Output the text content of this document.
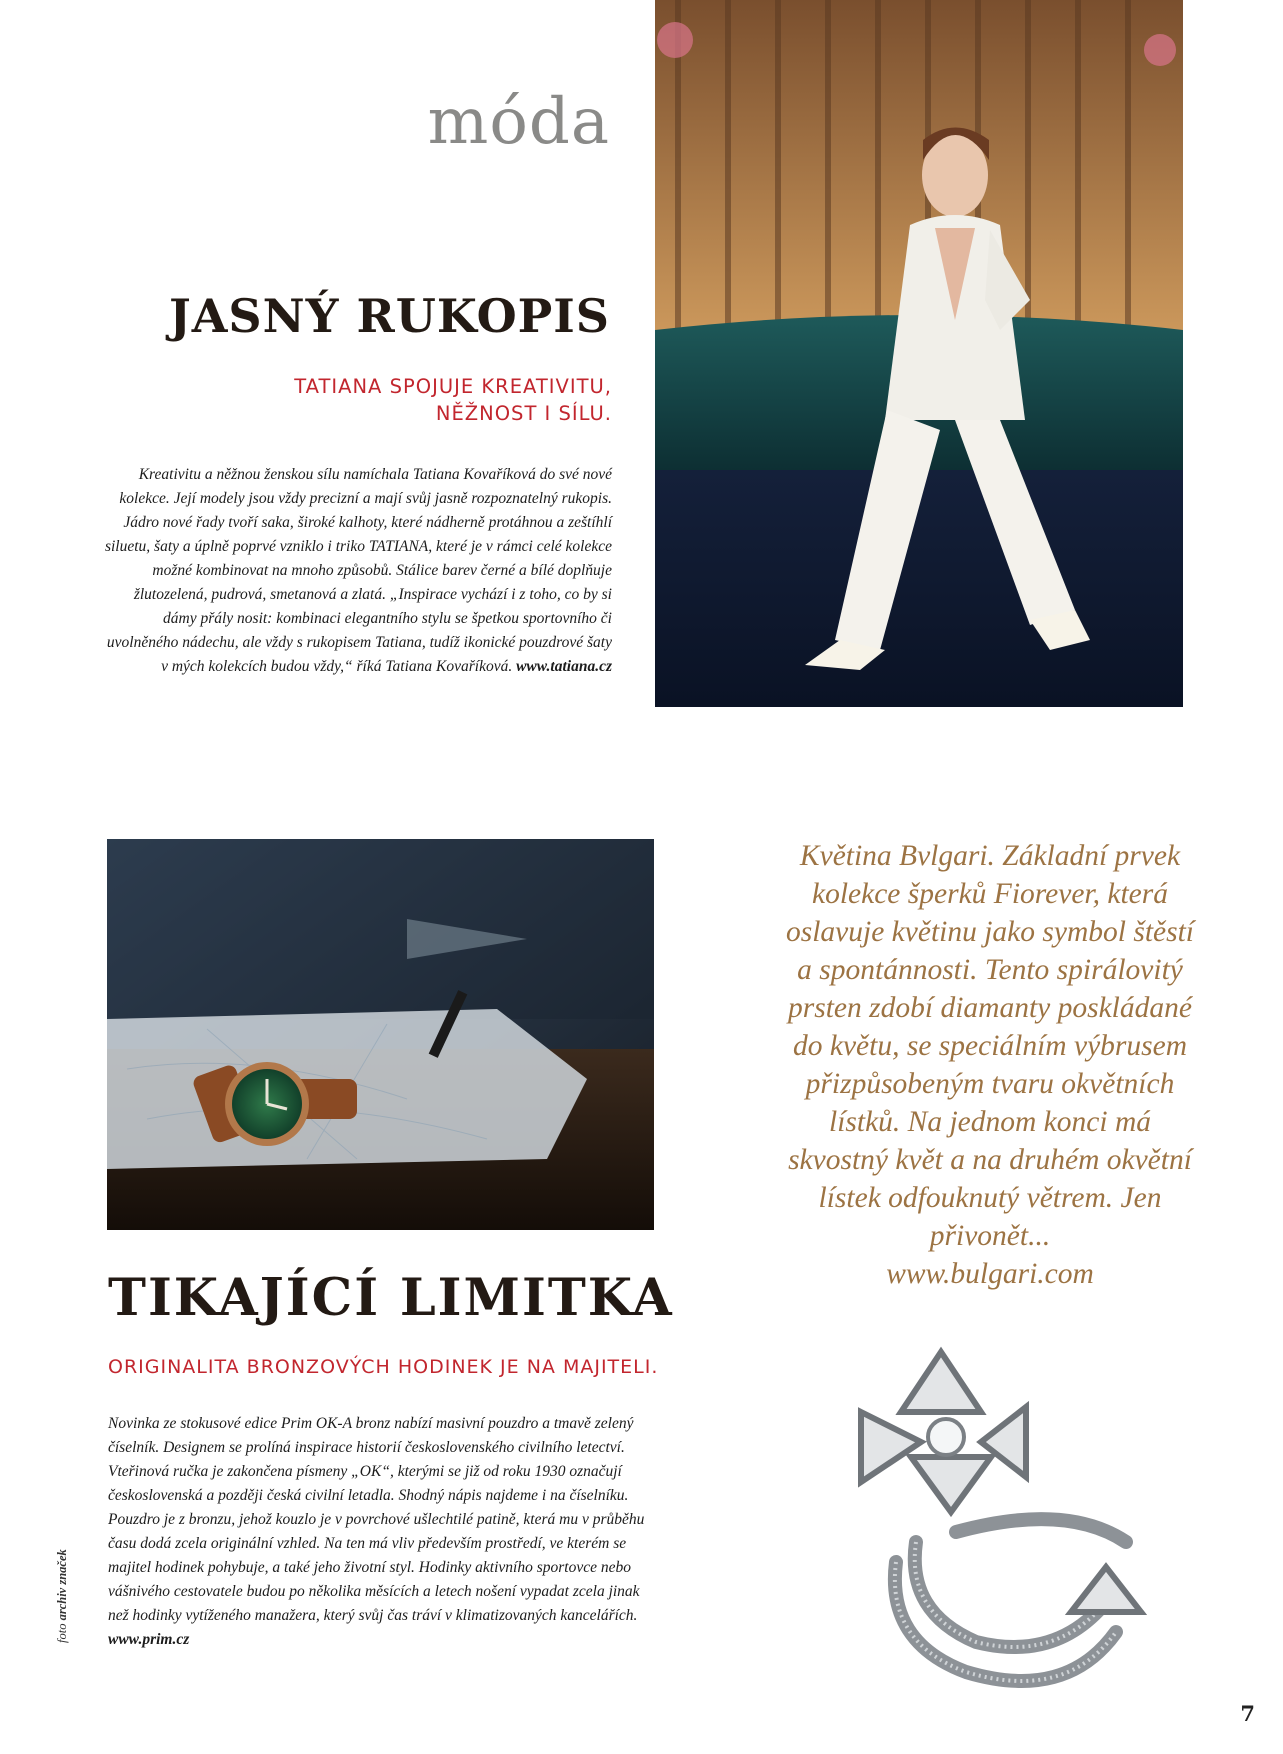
móda
JASNÝ RUKOPIS
TATIANA SPOJUJE KREATIVITU,
NĚŽNOST I SÍLU.
Kreativitu a něžnou ženskou sílu namíchala Tatiana Kovaříková do své nové kolekce. Její modely jsou vždy precizní a mají svůj jasně rozpoznatelný rukopis. Jádro nové řady tvoří saka, široké kalhoty, které nádherně protáhnou a zeštíhlí siluetu, šaty a úplně poprvé vzniklo i triko TATIANA, které je v rámci celé kolekce možné kombinovat na mnoho způsobů. Stálice barev černé a bílé doplňuje žlutozelená, pudrová, smetanová a zlatá. „Inspirace vychází i z toho, co by si dámy přály nosit: kombinaci elegantního stylu se špetkou sportovního či uvolněného nádechu, ale vždy s rukopisem Tatiana, tudíž ikonické pouzdrové šaty v mých kolekcích budou vždy,“ říká Tatiana Kovaříková. www.tatiana.cz
TIKAJÍCÍ LIMITKA
ORIGINALITA BRONZOVÝCH HODINEK JE NA MAJITELI.
Novinka ze stokusové edice Prim OK-A bronz nabízí masivní pouzdro a tmavě zelený číselník. Designem se prolíná inspirace historií československého civilního letectví. Vteřinová ručka je zakončena písmeny „OK“, kterými se již od roku 1930 označují československá a později česká civilní letadla. Shodný nápis najdeme i na číselníku. Pouzdro je z bronzu, jehož kouzlo je v povrchové ušlechtilé patině, která mu v průběhu času dodá zcela originální vzhled. Na ten má vliv především prostředí, ve kterém se majitel hodinek pohybuje, a také jeho životní styl. Hodinky aktivního sportovce nebo vášnivého cestovatele budou po několika měsících a letech nošení vypadat zcela jinak než hodinky vytíženého manažera, který svůj čas tráví v klimatizovaných kancelářích. www.prim.cz
Květina Bvlgari. Základní prvek kolekce šperků Fiorever, která oslavuje květinu jako symbol štěstí a spontánnosti. Tento spirálovitý prsten zdobí diamanty poskládané do květu, se speciálním výbrusem přizpůsobeným tvaru okvětních lístků. Na jednom konci má skvostný květ a na druhém okvětní lístek odfouknutý větrem. Jen přivonět...
www.bulgari.com
foto archiv značek
7
